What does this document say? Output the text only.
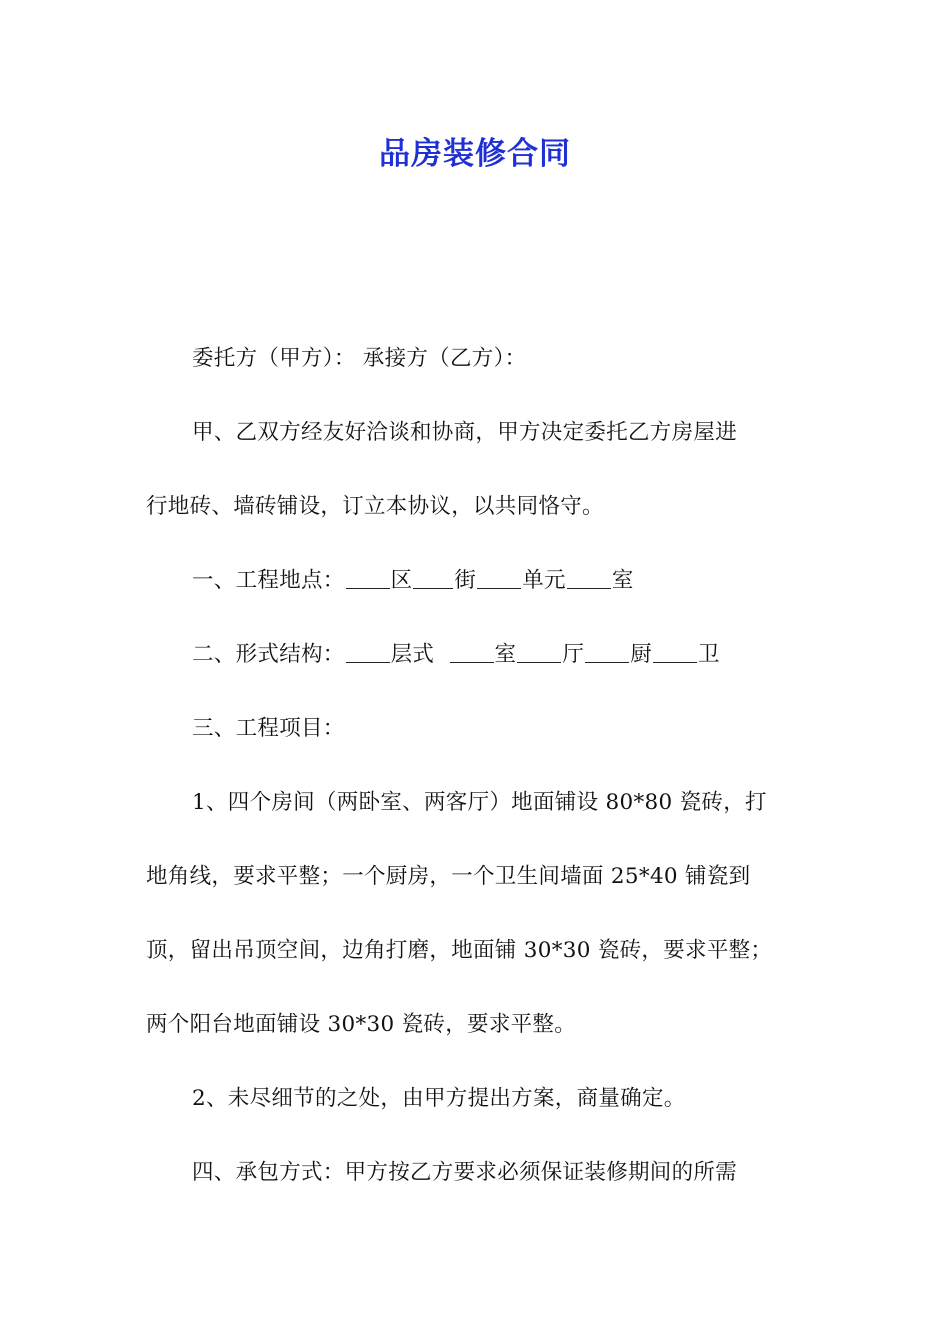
品房装修合同
委托方（甲方）： 承接方（乙方）：
甲、乙双方经友好洽谈和协商，甲方决定委托乙方房屋进
行地砖、墙砖铺设，订立本协议，以共同恪守。
一、工程地点： 区 街 单元 室
二、形式结构： 层式	室 厅 厨 卫
三、工程项目：
1、四个房间（两卧室、两客厅）地面铺设 80*80 瓷砖，打
地角线，要求平整；一个厨房，一个卫生间墙面 25*40 铺瓷到
顶，留出吊顶空间，边角打磨，地面铺 30*30 瓷砖，要求平整；
两个阳台地面铺设 30*30 瓷砖，要求平整。
2、未尽细节的之处，由甲方提出方案，商量确定。
四、承包方式：甲方按乙方要求必须保证装修期间的所需
